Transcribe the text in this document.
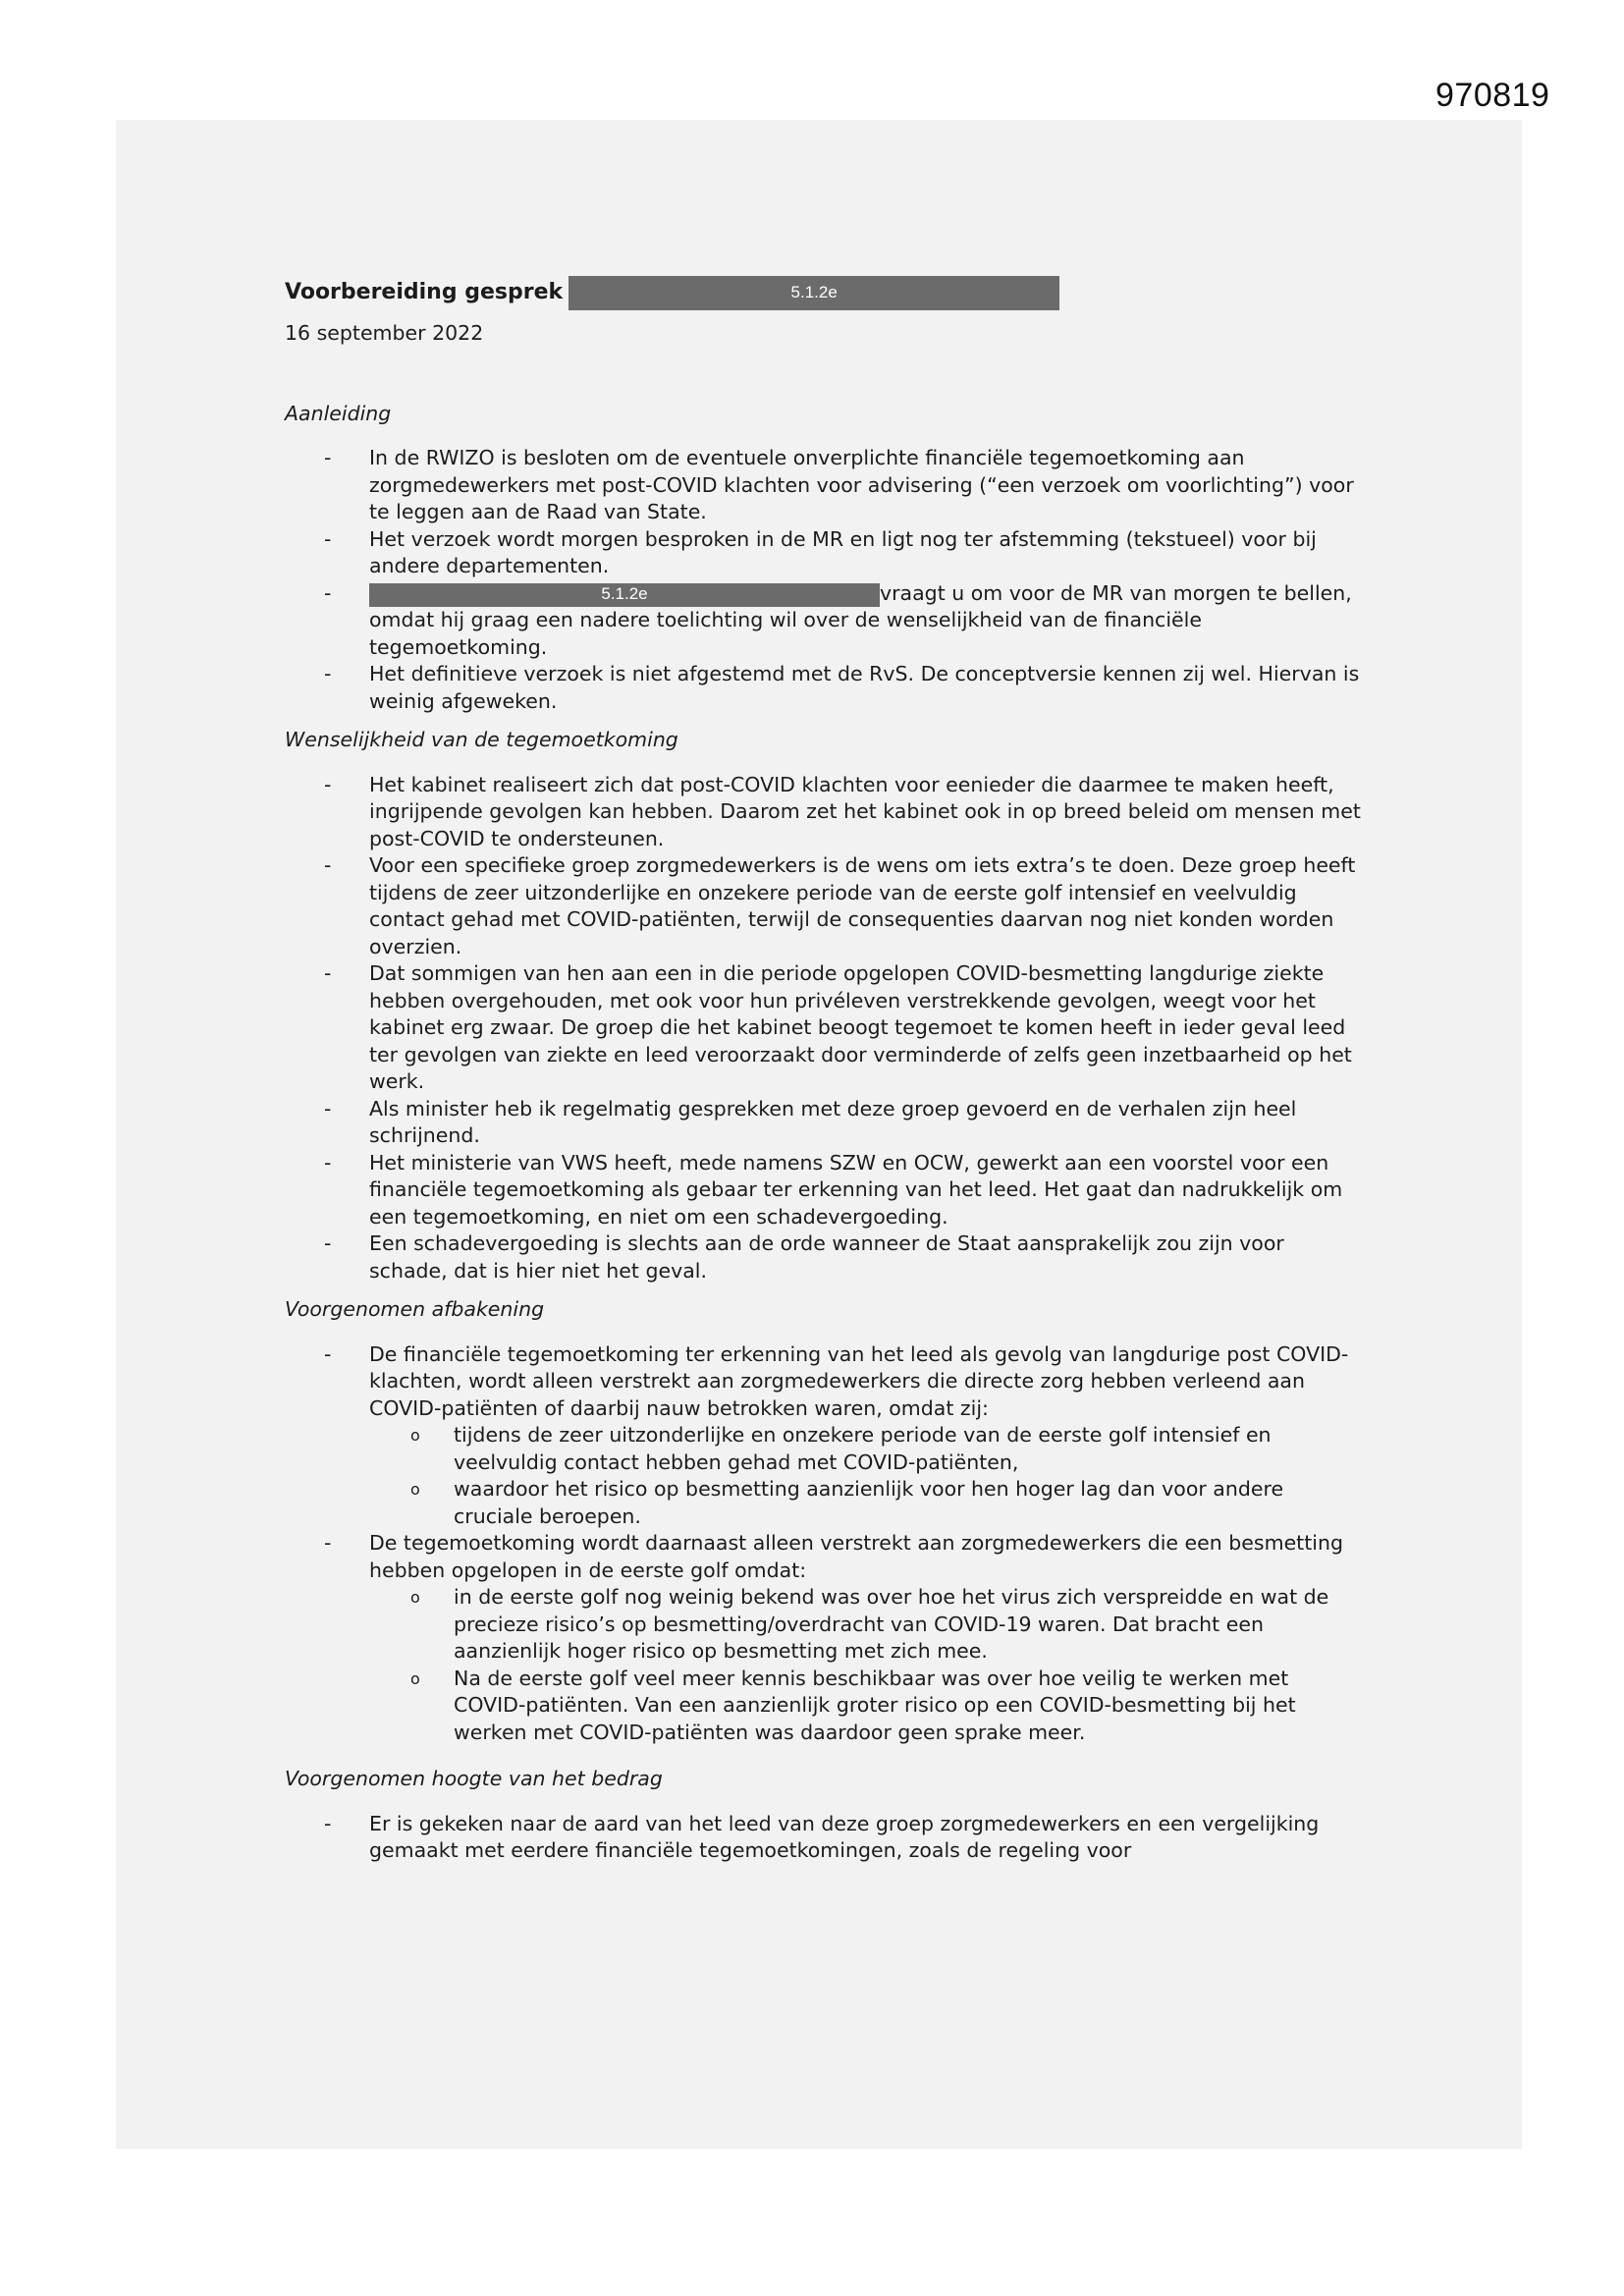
970819
Voorbereiding gesprek	5.1.2e
16 september 2022
Aanleiding
- In de RWIZO is besloten om de eventuele onverplichte financiële tegemoetkoming aan zorgmedewerkers met post-COVID klachten voor advisering (“een verzoek om voorlichting”) voor te leggen aan de Raad van State.
- Het verzoek wordt morgen besproken in de MR en ligt nog ter afstemming (tekstueel) voor bij andere departementen.
- 5.1.2e	vraagt u om voor de MR van morgen te bellen, omdat hij graag een nadere toelichting wil over de wenselijkheid van de financiële tegemoetkoming.
- Het definitieve verzoek is niet afgestemd met de RvS. De conceptversie kennen zij wel. Hiervan is weinig afgeweken.
Wenselijkheid van de tegemoetkoming
- Het kabinet realiseert zich dat post-COVID klachten voor eenieder die daarmee te maken heeft, ingrijpende gevolgen kan hebben. Daarom zet het kabinet ook in op breed beleid om mensen met post-COVID te ondersteunen.
- Voor een specifieke groep zorgmedewerkers is de wens om iets extra’s te doen. Deze groep heeft tijdens de zeer uitzonderlijke en onzekere periode van de eerste golf intensief en veelvuldig contact gehad met COVID-patiënten, terwijl de consequenties daarvan nog niet konden worden overzien.
- Dat sommigen van hen aan een in die periode opgelopen COVID-besmetting langdurige ziekte hebben overgehouden, met ook voor hun privéleven verstrekkende gevolgen, weegt voor het kabinet erg zwaar. De groep die het kabinet beoogt tegemoet te komen heeft in ieder geval leed ter gevolgen van ziekte en leed veroorzaakt door verminderde of zelfs geen inzetbaarheid op het werk.
- Als minister heb ik regelmatig gesprekken met deze groep gevoerd en de verhalen zijn heel schrijnend.
- Het ministerie van VWS heeft, mede namens SZW en OCW, gewerkt aan een voorstel voor een financiële tegemoetkoming als gebaar ter erkenning van het leed. Het gaat dan nadrukkelijk om een tegemoetkoming, en niet om een schadevergoeding.
- Een schadevergoeding is slechts aan de orde wanneer de Staat aansprakelijk zou zijn voor schade, dat is hier niet het geval.
Voorgenomen afbakening
- De financiële tegemoetkoming ter erkenning van het leed als gevolg van langdurige post COVID-klachten, wordt alleen verstrekt aan zorgmedewerkers die directe zorg hebben verleend aan COVID-patiënten of daarbij nauw betrokken waren, omdat zij:
o tijdens de zeer uitzonderlijke en onzekere periode van de eerste golf intensief en veelvuldig contact hebben gehad met COVID-patiënten,
o waardoor het risico op besmetting aanzienlijk voor hen hoger lag dan voor andere cruciale beroepen.
- De tegemoetkoming wordt daarnaast alleen verstrekt aan zorgmedewerkers die een besmetting hebben opgelopen in de eerste golf omdat:
o in de eerste golf nog weinig bekend was over hoe het virus zich verspreidde en wat de precieze risico’s op besmetting/overdracht van COVID-19 waren. Dat bracht een aanzienlijk hoger risico op besmetting met zich mee.
o Na de eerste golf veel meer kennis beschikbaar was over hoe veilig te werken met COVID-patiënten. Van een aanzienlijk groter risico op een COVID-besmetting bij het werken met COVID-patiënten was daardoor geen sprake meer.
Voorgenomen hoogte van het bedrag
- Er is gekeken naar de aard van het leed van deze groep zorgmedewerkers en een vergelijking gemaakt met eerdere financiële tegemoetkomingen, zoals de regeling voor
